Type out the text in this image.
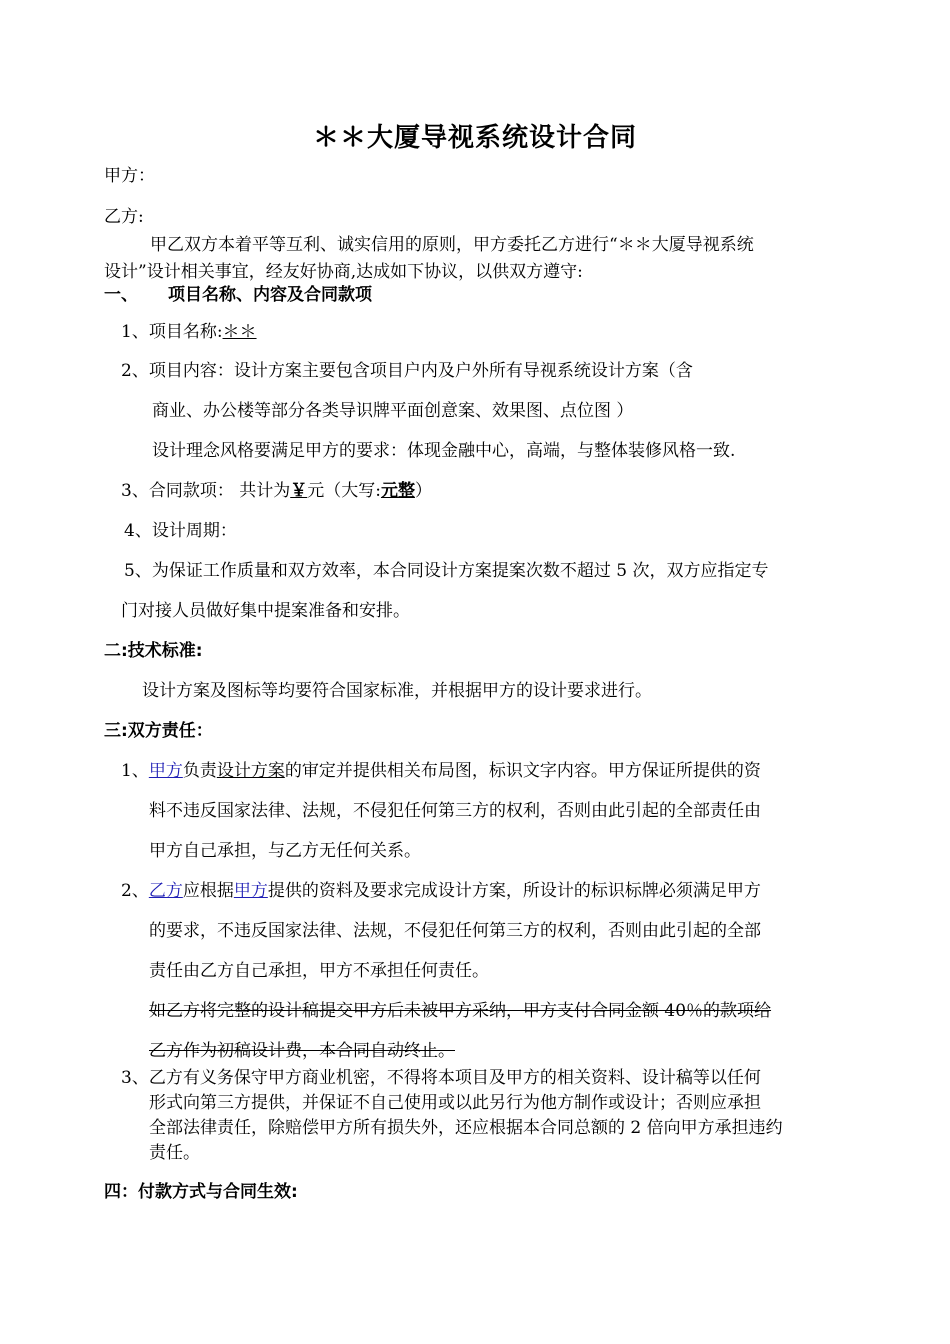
＊＊大厦导视系统设计合同
甲方：
乙方:
甲乙双方本着平等互利、诚实信用的原则，甲方委托乙方进行“＊＊大厦导视系统
设计”设计相关事宜，经友好协商,达成如下协议，以供双方遵守:
一、 项目名称、内容及合同款项
1、项目名称:＊＊
2、项目内容：设计方案主要包含项目户内及户外所有导视系统设计方案（含
商业、办公楼等部分各类导识牌平面创意案、效果图、点位图 ）
设计理念风格要满足甲方的要求：体现金融中心，高端，与整体装修风格一致.
3、合同款项： 共计为￥元（大写:元整）
4、设计周期：
5、为保证工作质量和双方效率，本合同设计方案提案次数不超过 5 次，双方应指定专
门对接人员做好集中提案准备和安排。
二:技术标准:
设计方案及图标等均要符合国家标准，并根据甲方的设计要求进行。
三:双方责任：
1、甲方负责设计方案的审定并提供相关布局图，标识文字内容。甲方保证所提供的资
料不违反国家法律、法规，不侵犯任何第三方的权利，否则由此引起的全部责任由
甲方自己承担，与乙方无任何关系。
2、乙方应根据甲方提供的资料及要求完成设计方案，所设计的标识标牌必须满足甲方
的要求，不违反国家法律、法规，不侵犯任何第三方的权利，否则由此引起的全部
责任由乙方自己承担，甲方不承担任何责任。
如乙方将完整的设计稿提交甲方后未被甲方采纳，甲方支付合同金额 40％的款项给
乙方作为初稿设计费，本合同自动终止。
3、乙方有义务保守甲方商业机密，不得将本项目及甲方的相关资料、设计稿等以任何
形式向第三方提供，并保证不自己使用或以此另行为他方制作或设计；否则应承担
全部法律责任，除赔偿甲方所有损失外，还应根据本合同总额的 2 倍向甲方承担违约
责任。
四：付款方式与合同生效:
